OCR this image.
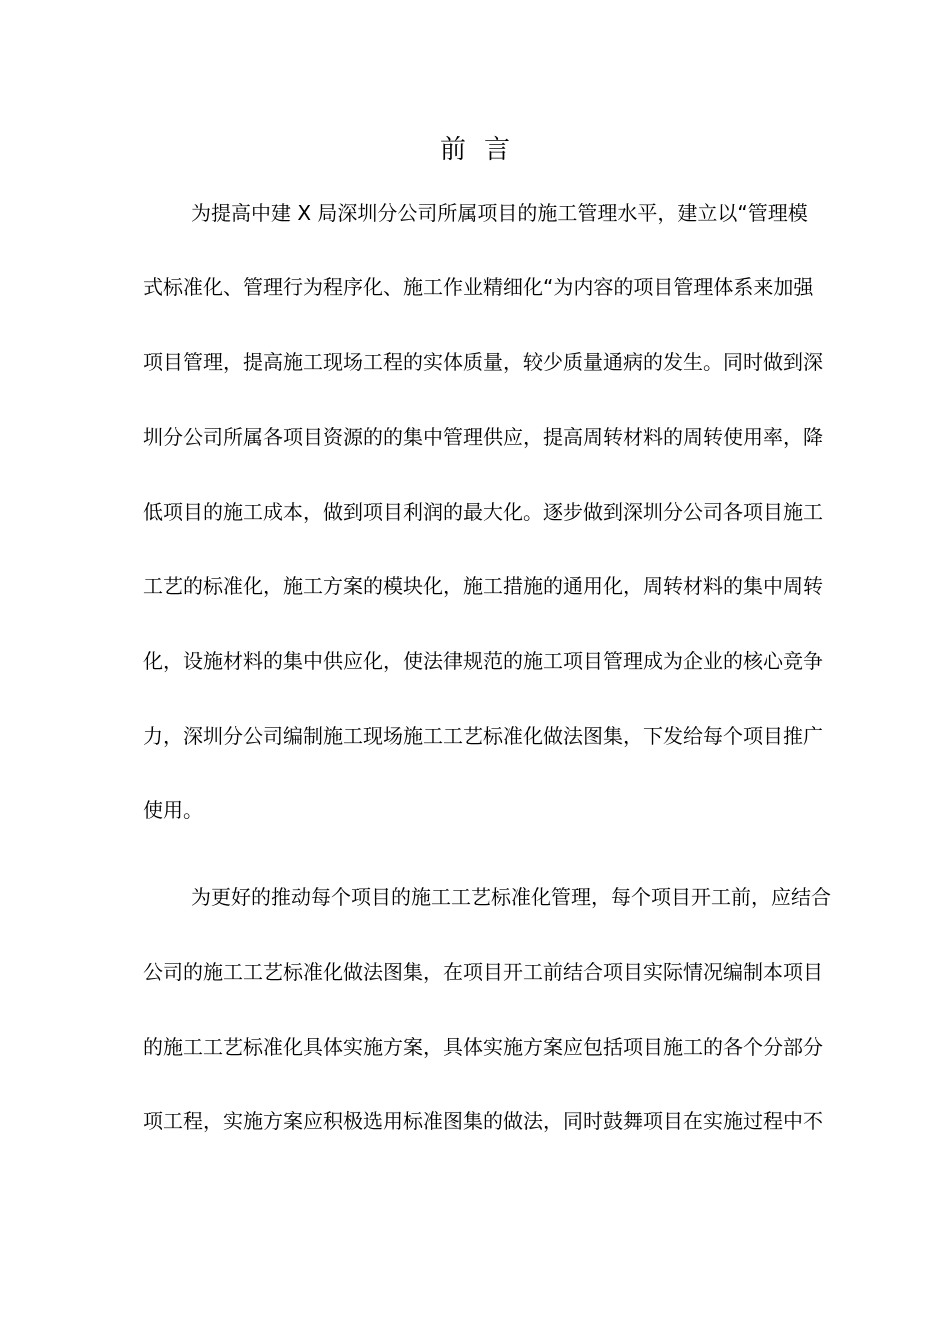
前言
为提高中建 X 局深圳分公司所属项目的施工管理水平，建立以“管理模
式标准化、管理行为程序化、施工作业精细化“为内容的项目管理体系来加强
项目管理，提高施工现场工程的实体质量，较少质量通病的发生。同时做到深
圳分公司所属各项目资源的的集中管理供应，提高周转材料的周转使用率，降
低项目的施工成本，做到项目利润的最大化。逐步做到深圳分公司各项目施工
工艺的标准化，施工方案的模块化，施工措施的通用化，周转材料的集中周转
化，设施材料的集中供应化，使法律规范的施工项目管理成为企业的核心竞争
力，深圳分公司编制施工现场施工工艺标准化做法图集，下发给每个项目推广
使用。
为更好的推动每个项目的施工工艺标准化管理，每个项目开工前，应结合
公司的施工工艺标准化做法图集，在项目开工前结合项目实际情况编制本项目
的施工工艺标准化具体实施方案，具体实施方案应包括项目施工的各个分部分
项工程，实施方案应积极选用标准图集的做法，同时鼓舞项目在实施过程中不
